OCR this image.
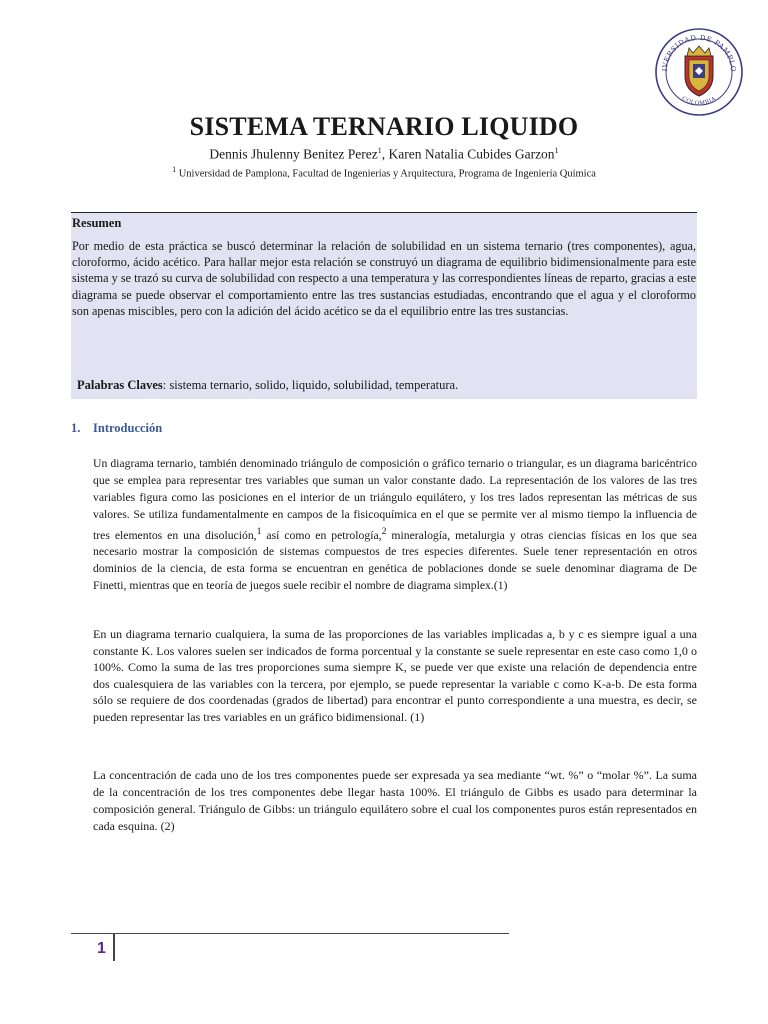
IVERSIDAD DE PAMPLO
COLOMBIA
SISTEMA TERNARIO LIQUIDO
Dennis Jhulenny Benitez Perez$^1$, Karen Natalia Cubides Garzon$^1$
$^1$ Universidad de Pamplona, Facultad de Ingenierias y Arquitectura, Programa de Ingeniería Química
Resumen
Por medio de esta práctica se buscó determinar la relación de solubilidad en un sistema ternario (tres componentes), agua, cloroformo, ácido acético. Para hallar mejor esta relación se construyó un diagrama de equilibrio bidimensionalmente para este sistema y se trazó su curva de solubilidad con respecto a una temperatura y las correspondientes líneas de reparto, gracias a este diagrama se puede observar el comportamiento entre las tres sustancias estudiadas, encontrando que el agua y el cloroformo son apenas miscibles, pero con la adición del ácido acético se da el equilibrio entre las tres sustancias.
Palabras Claves: sistema ternario, solido, liquido, solubilidad, temperatura.
1. Introducción
Un diagrama ternario, también denominado triángulo de composición o gráfico ternario o triangular, es un diagrama baricéntrico que se emplea para representar tres variables que suman un valor constante dado. La representación de los valores de las tres variables figura como las posiciones en el interior de un triángulo equilátero, y los tres lados representan las métricas de sus valores. Se utiliza fundamentalmente en campos de la fisicoquímica en el que se permite ver al mismo tiempo la influencia de tres elementos en una disolución,$^1$ así como en petrología,$^2$ mineralogía, metalurgia y otras ciencias físicas en los que sea necesario mostrar la composición de sistemas compuestos de tres especies diferentes. Suele tener representación en otros dominios de la ciencia, de esta forma se encuentran en genética de poblaciones donde se suele denominar diagrama de De Finetti, mientras que en teoría de juegos suele recibir el nombre de diagrama simplex.(1)
En un diagrama ternario cualquiera, la suma de las proporciones de las variables implicadas a, b y c es siempre igual a una constante K. Los valores suelen ser indicados de forma porcentual y la constante se suele representar en este caso como 1,0 o 100%. Como la suma de las tres proporciones suma siempre K, se puede ver que existe una relación de dependencia entre dos cualesquiera de las variables con la tercera, por ejemplo, se puede representar la variable c como K-a-b. De esta forma sólo se requiere de dos coordenadas (grados de libertad) para encontrar el punto correspondiente a una muestra, es decir, se pueden representar las tres variables en un gráfico bidimensional. (1)
La concentración de cada uno de los tres componentes puede ser expresada ya sea mediante “wt. %” o “molar %”. La suma de la concentración de los tres componentes debe llegar hasta 100%. El triángulo de Gibbs es usado para determinar la composición general. Triángulo de Gibbs: un triángulo equilátero sobre el cual los componentes puros están representados en cada esquina. (2)
1
